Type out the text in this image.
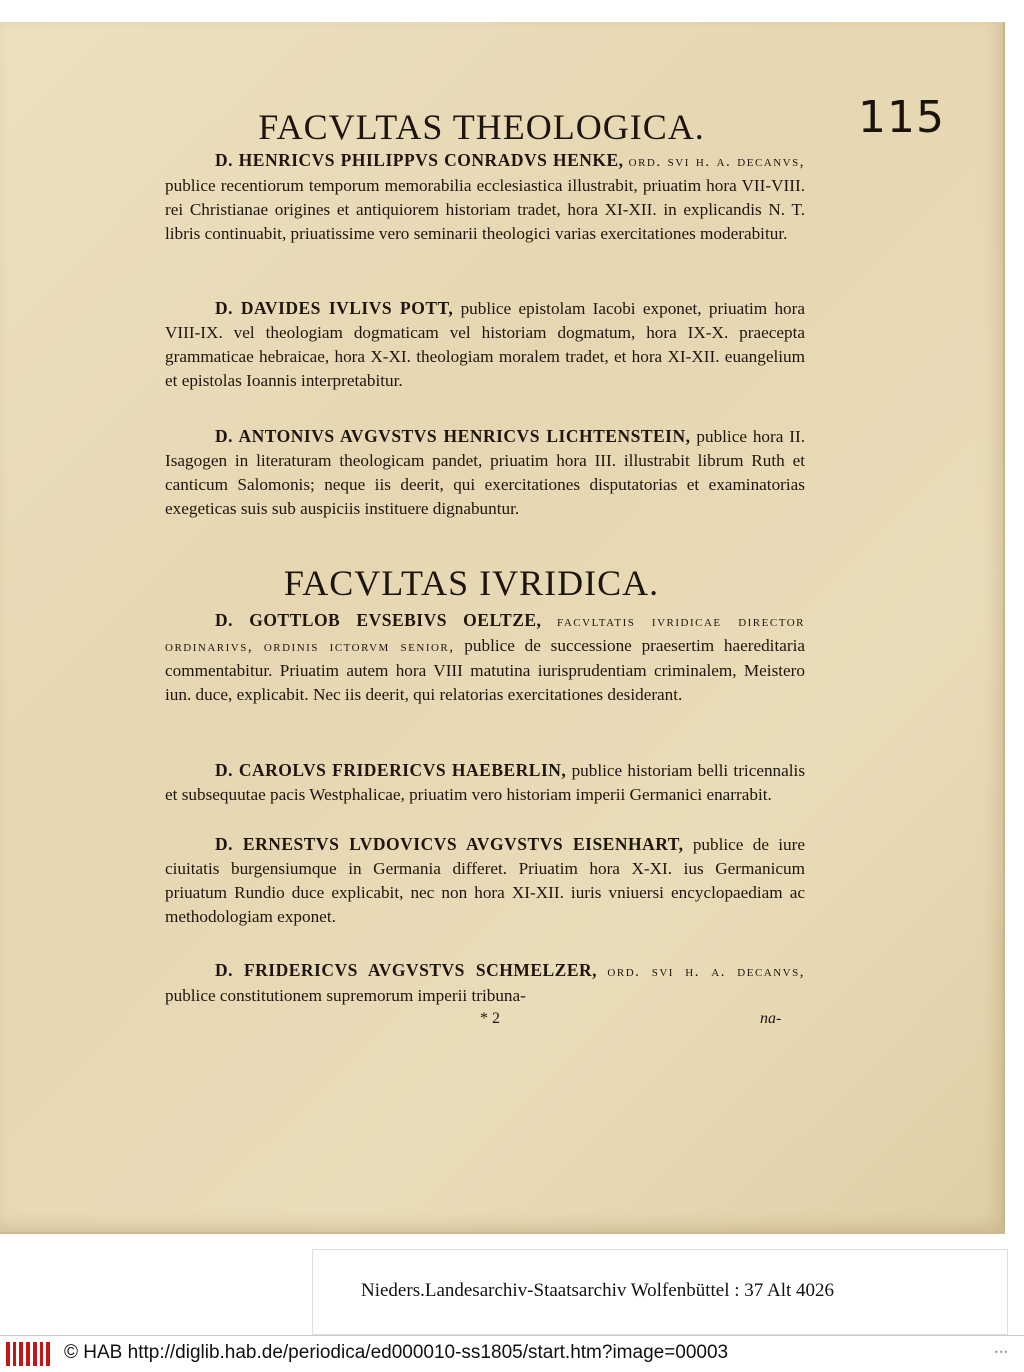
115
FACVLTAS THEOLOGICA.
D. HENRICVS PHILIPPVS CONRADVS HENKE, ord. svi h. a. decanvs, publice recentiorum temporum memorabilia ecclesiastica illustrabit, priuatim hora VII-VIII. rei Christianae origines et antiquiorem historiam tradet, hora XI-XII. in explicandis N. T. libris continuabit, priuatissime vero seminarii theologici varias exercitationes moderabitur.
D. DAVIDES IVLIVS POTT, publice epistolam Iacobi exponet, priuatim hora VIII-IX. vel theologiam dogmaticam vel historiam dogmatum, hora IX-X. praecepta grammaticae hebraicae, hora X-XI. theologiam moralem tradet, et hora XI-XII. euangelium et epistolas Ioannis interpretabitur.
D. ANTONIVS AVGVSTVS HENRICVS LICHTENSTEIN, publice hora II. Isagogen in literaturam theologicam pandet, priuatim hora III. illustrabit librum Ruth et canticum Salomonis; neque iis deerit, qui exercitationes disputatorias et examinatorias exegeticas suis sub auspiciis instituere dignabuntur.
FACVLTAS IVRIDICA.
D. GOTTLOB EVSEBIVS OELTZE, facvltatis ivridicae director ordinarivs, ordinis ictorvm senior, publice de successione praesertim haereditaria commentabitur. Priuatim autem hora VIII matutina iurisprudentiam criminalem, Meistero iun. duce, explicabit. Nec iis deerit, qui relatorias exercitationes desiderant.
D. CAROLVS FRIDERICVS HAEBERLIN, publice historiam belli tricennalis et subsequutae pacis Westphalicae, priuatim vero historiam imperii Germanici enarrabit.
D. ERNESTVS LVDOVICVS AVGVSTVS EISENHART, publice de iure ciuitatis burgensiumque in Germania differet. Priuatim hora X-XI. ius Germanicum priuatum Rundio duce explicabit, nec non hora XI-XII. iuris vniuersi encyclopaediam ac methodologiam exponet.
D. FRIDERICVS AVGVSTVS SCHMELZER, ord. svi h. a. decanvs, publice constitutionem supremorum imperii tribuna-
* 2	na-
Nieders.Landesarchiv-Staatsarchiv Wolfenbüttel : 37 Alt 4026
© HAB http://diglib.hab.de/periodica/ed000010-ss1805/start.htm?image=00003	•••
